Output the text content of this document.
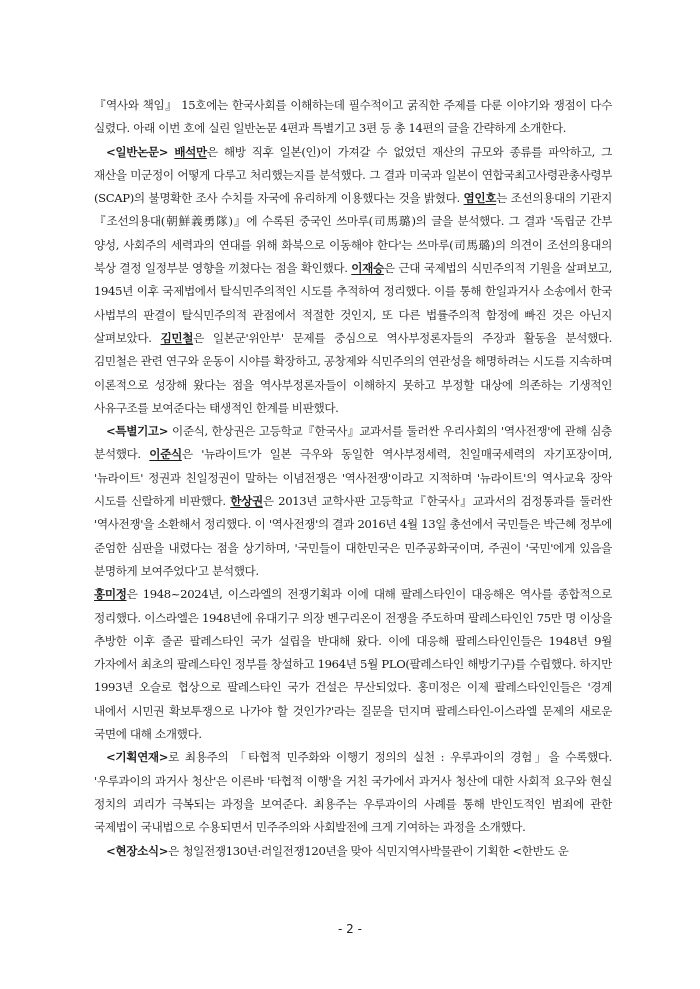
『역사와 책임』 15호에는 한국사회를 이해하는데 필수적이고 굵직한 주제를 다룬 이야기와 쟁점이 다수 실렸다. 아래 이번 호에 실린 일반논문 4편과 특별기고 3편 등 총 14편의 글을 간략하게 소개한다.

<일반논문> 배석만은 해방 직후 일본(인)이 가져갈 수 없었던 재산의 규모와 종류를 파악하고, 그 재산을 미군정이 어떻게 다루고 처리했는지를 분석했다. 그 결과 미국과 일본이 연합국최고사령관총사령부(SCAP)의 불명확한 조사 수치를 자국에 유리하게 이용했다는 것을 밝혔다. 염인호는 조선의용대의 기관지『조선의용대(朝鮮義勇隊)』에 수록된 중국인 쓰마루(司馬璐)의 글을 분석했다. 그 결과 '독립군 간부 양성, 사회주의 세력과의 연대를 위해 화북으로 이동해야 한다'는 쓰마루(司馬璐)의 의견이 조선의용대의 북상 결정 일정부분 영향을 끼쳤다는 점을 확인했다. 이재승은 근대 국제법의 식민주의적 기원을 살펴보고, 1945년 이후 국제법에서 탈식민주의적인 시도를 추적하여 정리했다. 이를 통해 한일과거사 소송에서 한국 사법부의 판결이 탈식민주의적 관점에서 적절한 것인지, 또 다른 법률주의적 함정에 빠진 것은 아닌지 살펴보았다. 김민철은 일본군'위안부' 문제를 중심으로 역사부정론자들의 주장과 활동을 분석했다. 김민철은 관련 연구와 운동이 시야를 확장하고, 공창제와 식민주의의 연관성을 해명하려는 시도를 지속하며 이론적으로 성장해 왔다는 점을 역사부정론자들이 이해하지 못하고 부정할 대상에 의존하는 기생적인 사유구조를 보여준다는 태생적인 한계를 비판했다.

<특별기고> 이준식, 한상권은 고등학교『한국사』교과서를 둘러싼 우리사회의 '역사전쟁'에 관해 심층 분석했다. 이준식은 '뉴라이트'가 일본 극우와 동일한 역사부정세력, 친일매국세력의 자기포장이며, '뉴라이트' 정권과 친일정권이 말하는 이념전쟁은 '역사전쟁'이라고 지적하며 '뉴라이트'의 역사교육 장악 시도를 신랄하게 비판했다. 한상권은 2013년 교학사판 고등학교『한국사』교과서의 검정통과를 둘러싼 '역사전쟁'을 소환해서 정리했다. 이 '역사전쟁'의 결과 2016년 4월 13일 총선에서 국민들은 박근혜 정부에 준엄한 심판을 내렸다는 점을 상기하며, '국민들이 대한민국은 민주공화국이며, 주권이 '국민'에게 있음을 분명하게 보여주었다'고 분석했다.

홍미정은 1948~2024년, 이스라엘의 전쟁기획과 이에 대해 팔레스타인이 대응해온 역사를 종합적으로 정리했다. 이스라엘은 1948년에 유대기구 의장 벤구리온이 전쟁을 주도하며 팔레스타인인 75만 명 이상을 추방한 이후 줄곧 팔레스타인 국가 설립을 반대해 왔다. 이에 대응해 팔레스타인인들은 1948년 9월 가자에서 최초의 팔레스타인 정부를 창설하고 1964년 5월 PLO(팔레스타인 해방기구)를 수립했다. 하지만 1993년 오슬로 협상으로 팔레스타인 국가 건설은 무산되었다. 홍미정은 이제 팔레스타인인들은 '경계 내에서 시민권 확보투쟁으로 나가야 할 것인가?'라는 질문을 던지며 팔레스타인-이스라엘 문제의 새로운 국면에 대해 소개했다.

<기획연재>로 최용주의 「타협적 민주화와 이행기 정의의 실천 : 우루과이의 경험」을 수록했다. '우루과이의 과거사 청산'은 이른바 '타협적 이행'을 거친 국가에서 과거사 청산에 대한 사회적 요구와 현실 정치의 괴리가 극복되는 과정을 보여준다. 최용주는 우루과이의 사례를 통해 반인도적인 범죄에 관한 국제법이 국내법으로 수용되면서 민주주의와 사회발전에 크게 기여하는 과정을 소개했다.

<현장소식>은 청일전쟁130년·러일전쟁120년을 맞아 식민지역사박물관이 기획한 <한반도 운

- 2 -
